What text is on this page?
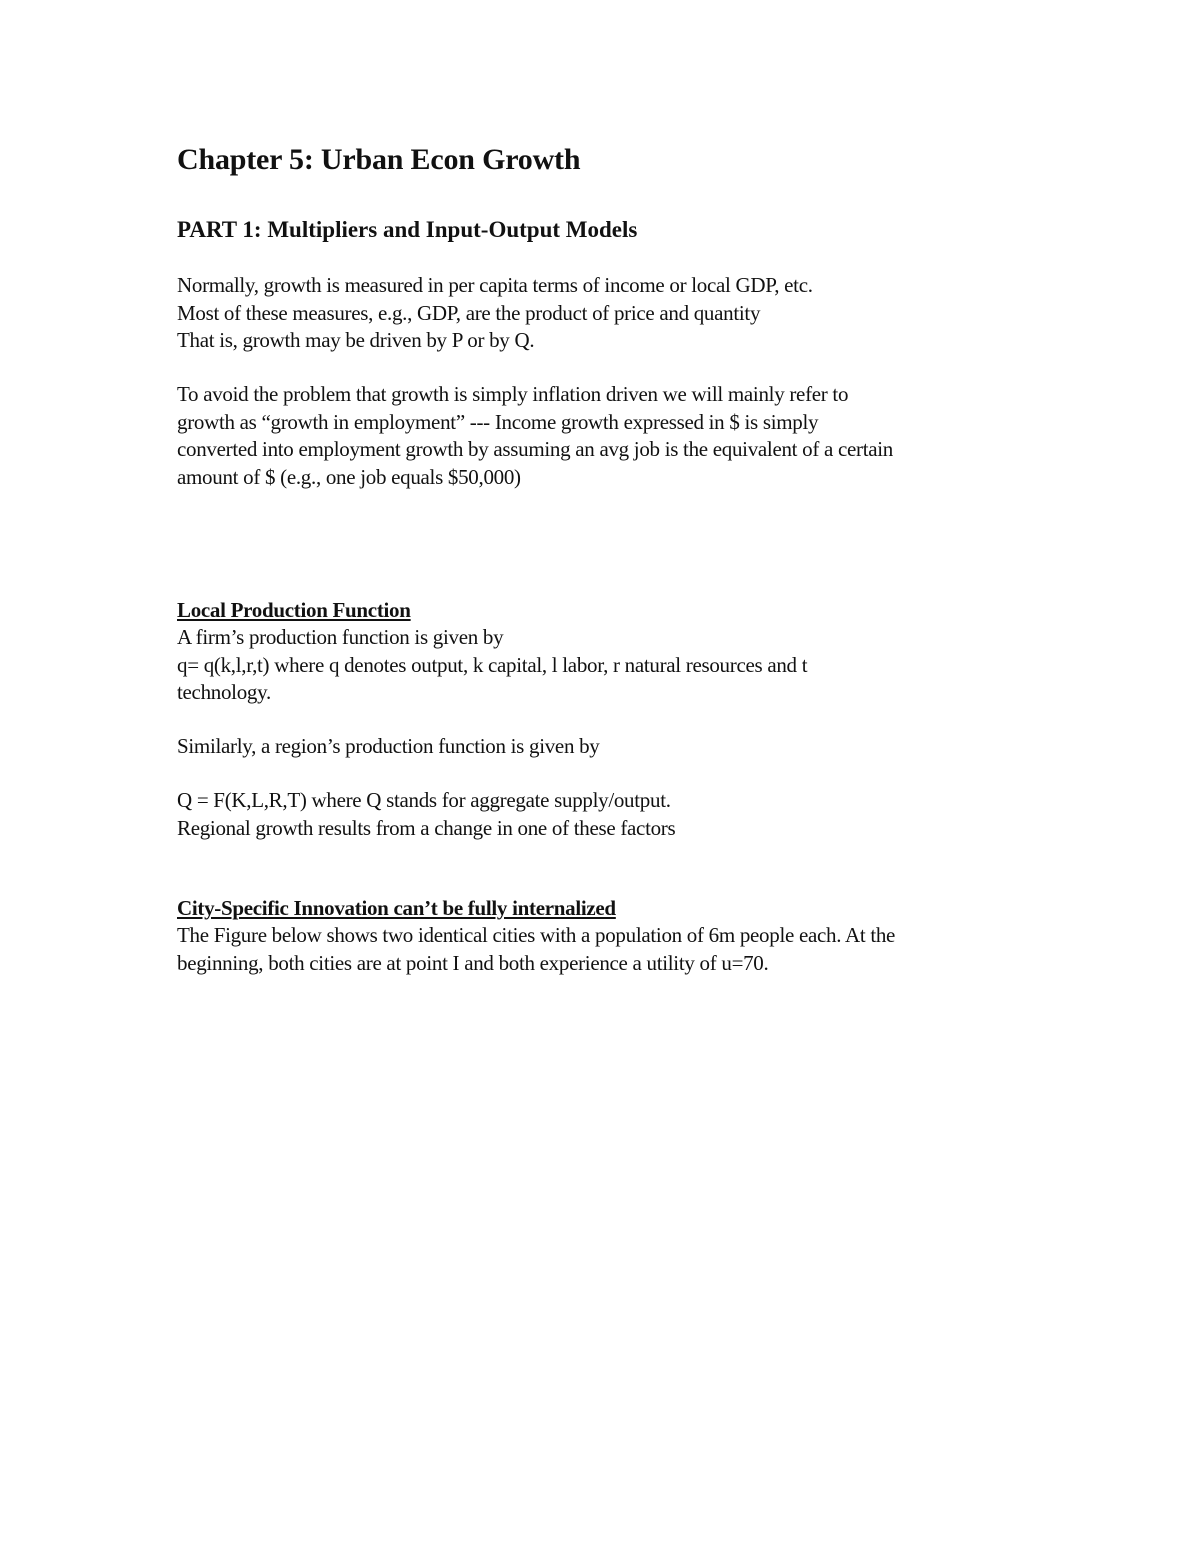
Chapter 5: Urban Econ Growth
PART 1: Multipliers and Input-Output Models

Normally, growth is measured in per capita terms of income or local GDP, etc.
Most of these measures, e.g., GDP, are the product of price and quantity
That is, growth may be driven by P or by Q.

To avoid the problem that growth is simply inflation driven we will mainly refer to
growth as “growth in employment” --- Income growth expressed in $ is simply
converted into employment growth by assuming an avg job is the equivalent of a certain
amount of $ (e.g., one job equals $50,000)

Local Production Function

A firm’s production function is given by
q= q(k,l,r,t) where q denotes output, k capital, l labor, r natural resources and t
technology.

Similarly, a region’s production function is given by

Q = F(K,L,R,T) where Q stands for aggregate supply/output.
Regional growth results from a change in one of these factors

City-Specific Innovation can’t be fully internalized

The Figure below shows two identical cities with a population of 6m people each. At the
beginning, both cities are at point I and both experience a utility of u=70.
